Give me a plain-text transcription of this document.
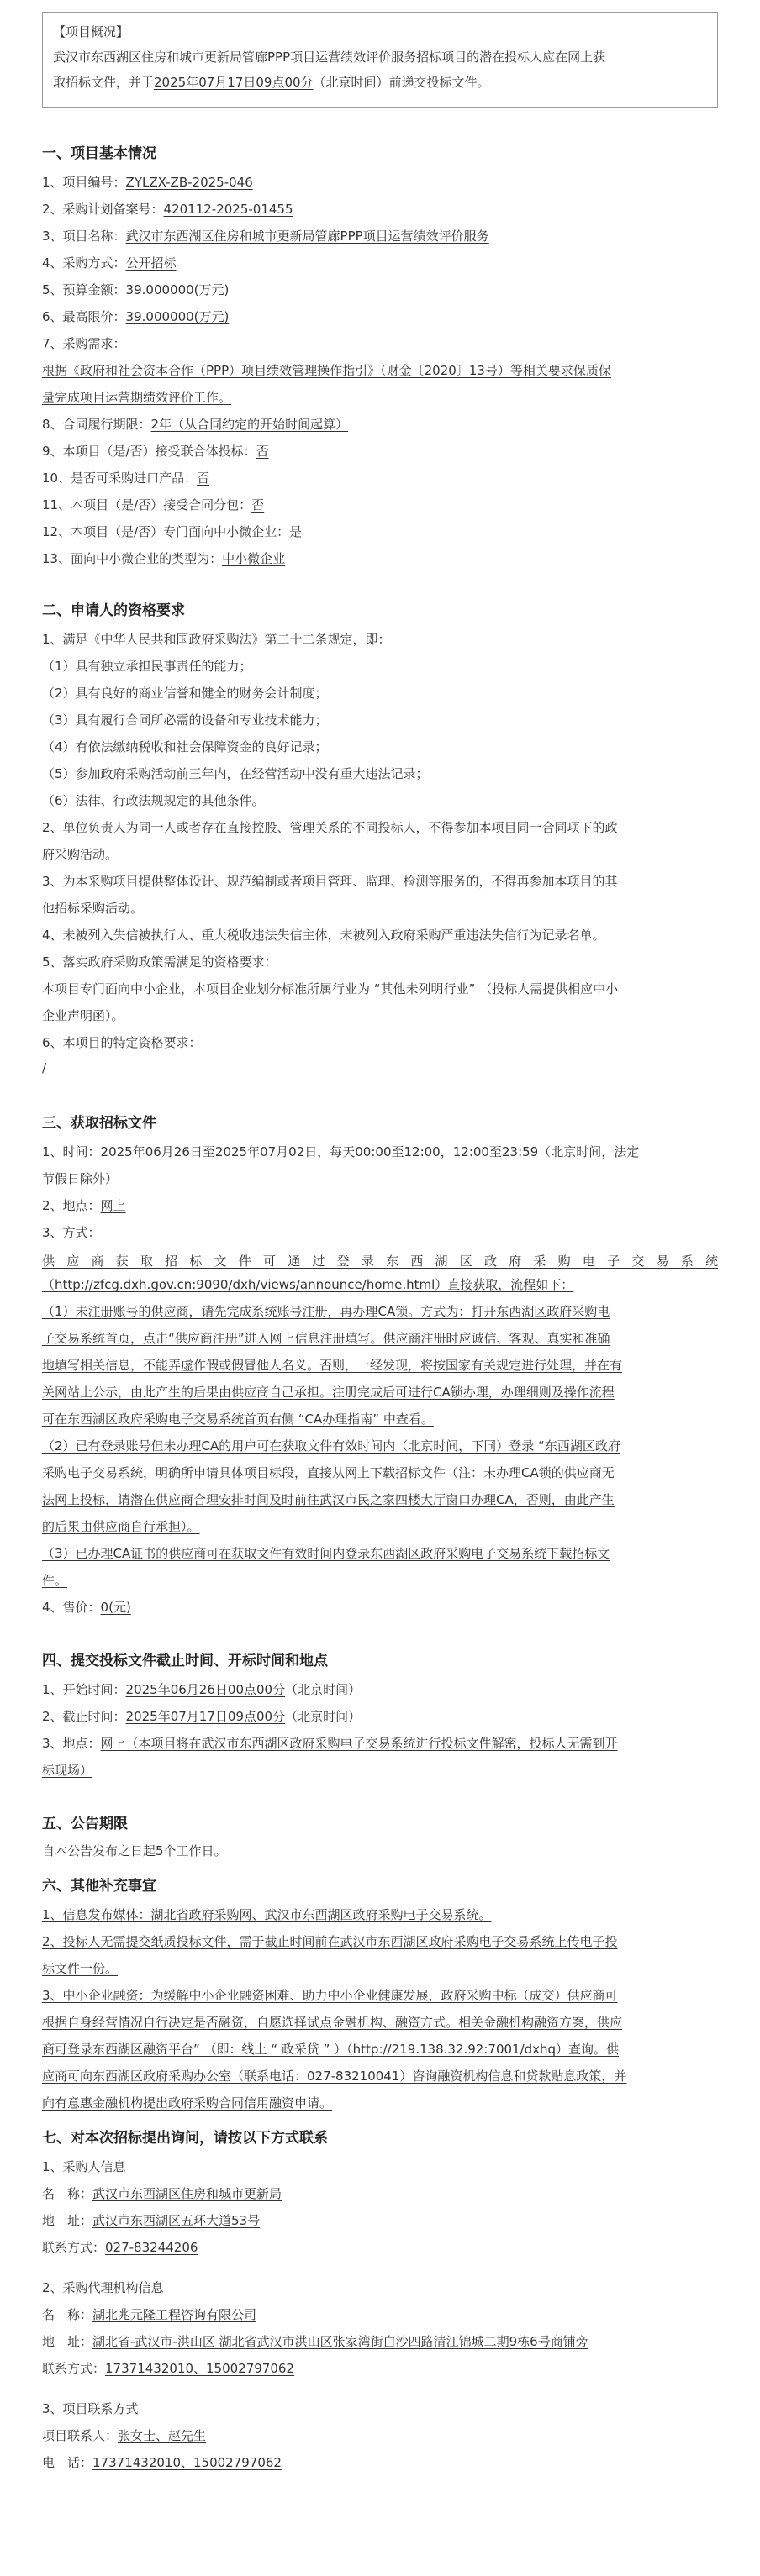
【项目概况】
武汉市东西湖区住房和城市更新局管廊PPP项目运营绩效评价服务招标项目的潜在投标人应在网上获
取招标文件，并于2025年07月17日09点00分（北京时间）前递交投标文件。
一、项目基本情况
1、项目编号：ZYLZX-ZB-2025-046
2、采购计划备案号：420112-2025-01455
3、项目名称：武汉市东西湖区住房和城市更新局管廊PPP项目运营绩效评价服务
4、采购方式：公开招标
5、预算金额：39.000000(万元)
6、最高限价：39.000000(万元)
7、采购需求：
根据《政府和社会资本合作（PPP）项目绩效管理操作指引》（财金〔2020〕13号）等相关要求保质保
量完成项目运营期绩效评价工作。
8、合同履行期限：2年（从合同约定的开始时间起算）
9、本项目（是/否）接受联合体投标：否
10、是否可采购进口产品：否
11、本项目（是/否）接受合同分包：否
12、本项目（是/否）专门面向中小微企业：是
13、面向中小微企业的类型为：中小微企业
二、申请人的资格要求
1、满足《中华人民共和国政府采购法》第二十二条规定，即：
（1）具有独立承担民事责任的能力；
（2）具有良好的商业信誉和健全的财务会计制度；
（3）具有履行合同所必需的设备和专业技术能力；
（4）有依法缴纳税收和社会保障资金的良好记录；
（5）参加政府采购活动前三年内，在经营活动中没有重大违法记录；
（6）法律、行政法规规定的其他条件。
2、单位负责人为同一人或者存在直接控股、管理关系的不同投标人，不得参加本项目同一合同项下的政
府采购活动。
3、为本采购项目提供整体设计、规范编制或者项目管理、监理、检测等服务的，不得再参加本项目的其
他招标采购活动。
4、未被列入失信被执行人、重大税收违法失信主体，未被列入政府采购严重违法失信行为记录名单。
5、落实政府采购政策需满足的资格要求：
本项目专门面向中小企业，本项目企业划分标准所属行业为 “其他未列明行业” （投标人需提供相应中小
企业声明函）。
6、本项目的特定资格要求：
/
三、获取招标文件
1、时间：2025年06月26日至2025年07月02日，每天00:00至12:00，12:00至23:59（北京时间，法定
节假日除外）
2、地点：网上
3、方式：
供应商获取招标文件可通过登录东西湖区政府采购电子交易系统
（http://zfcg.dxh.gov.cn:9090/dxh/views/announce/home.html）直接获取，流程如下：
（1）未注册账号的供应商，请先完成系统账号注册，再办理CA锁。方式为：打开东西湖区政府采购电
子交易系统首页，点击“供应商注册”进入网上信息注册填写。供应商注册时应诚信、客观、真实和准确
地填写相关信息，不能弄虚作假或假冒他人名义。否则，一经发现，将按国家有关规定进行处理，并在有
关网站上公示，由此产生的后果由供应商自己承担。注册完成后可进行CA锁办理，办理细则及操作流程
可在东西湖区政府采购电子交易系统首页右侧 “CA办理指南” 中查看。
（2）已有登录账号但未办理CA的用户可在获取文件有效时间内（北京时间，下同）登录 “东西湖区政府
采购电子交易系统，明确所申请具体项目标段，直接从网上下载招标文件（注：未办理CA锁的供应商无
法网上投标，请潜在供应商合理安排时间及时前往武汉市民之家四楼大厅窗口办理CA，否则，由此产生
的后果由供应商自行承担）。
（3）已办理CA证书的供应商可在获取文件有效时间内登录东西湖区政府采购电子交易系统下载招标文
件。
4、售价：0(元)
四、提交投标文件截止时间、开标时间和地点
1、开始时间：2025年06月26日00点00分（北京时间）
2、截止时间：2025年07月17日09点00分（北京时间）
3、地点：网上（本项目将在武汉市东西湖区政府采购电子交易系统进行投标文件解密，投标人无需到开
标现场）
五、公告期限
自本公告发布之日起5个工作日。
六、其他补充事宜
1、信息发布媒体：湖北省政府采购网、武汉市东西湖区政府采购电子交易系统。
2、投标人无需提交纸质投标文件，需于截止时间前在武汉市东西湖区政府采购电子交易系统上传电子投
标文件一份。
3、中小企业融资：为缓解中小企业融资困难、助力中小企业健康发展，政府采购中标（成交）供应商可
根据自身经营情况自行决定是否融资，自愿选择试点金融机构、融资方式。相关金融机构融资方案，供应
商可登录东西湖区融资平台” （即：线上 “ 政采贷 ” ）（http://219.138.32.92:7001/dxhq）查询。供
应商可向东西湖区政府采购办公室（联系电话：027-83210041）咨询融资机构信息和贷款贴息政策，并
向有意惠金融机构提出政府采购合同信用融资申请。
七、对本次招标提出询问，请按以下方式联系
1、采购人信息
名　称：武汉市东西湖区住房和城市更新局
地　址：武汉市东西湖区五环大道53号
联系方式：027-83244206
2、采购代理机构信息
名　称：湖北兆元隆工程咨询有限公司
地　址：湖北省-武汉市-洪山区 湖北省武汉市洪山区张家湾街白沙四路清江锦城二期9栋6号商铺旁
联系方式：17371432010、15002797062
3、项目联系方式
项目联系人：张女士、赵先生
电　话：17371432010、15002797062
